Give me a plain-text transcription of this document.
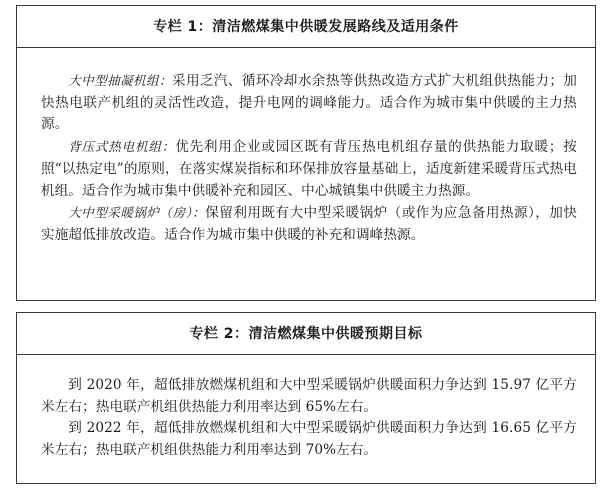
专栏 1：清洁燃煤集中供暖发展路线及适用条件

大中型抽凝机组：采用乏汽、循环冷却水余热等供热改造方式扩大机组供热能力；加快热电联产机组的灵活性改造，提升电网的调峰能力。适合作为城市集中供暖的主力热源。

背压式热电机组：优先利用企业或园区既有背压热电机组存量的供热能力取暖；按照“以热定电”的原则，在落实煤炭指标和环保排放容量基础上，适度新建采暖背压式热电机组。适合作为城市集中供暖补充和园区、中心城镇集中供暖主力热源。

大中型采暖锅炉（房）：保留利用既有大中型采暖锅炉（或作为应急备用热源），加快实施超低排放改造。适合作为城市集中供暖的补充和调峰热源。

专栏 2：清洁燃煤集中供暖预期目标

到 2020 年，超低排放燃煤机组和大中型采暖锅炉供暖面积力争达到 15.97 亿平方米左右；热电联产机组供热能力利用率达到 65%左右。

到 2022 年，超低排放燃煤机组和大中型采暖锅炉供暖面积力争达到 16.65 亿平方米左右；热电联产机组供热能力利用率达到 70%左右。
